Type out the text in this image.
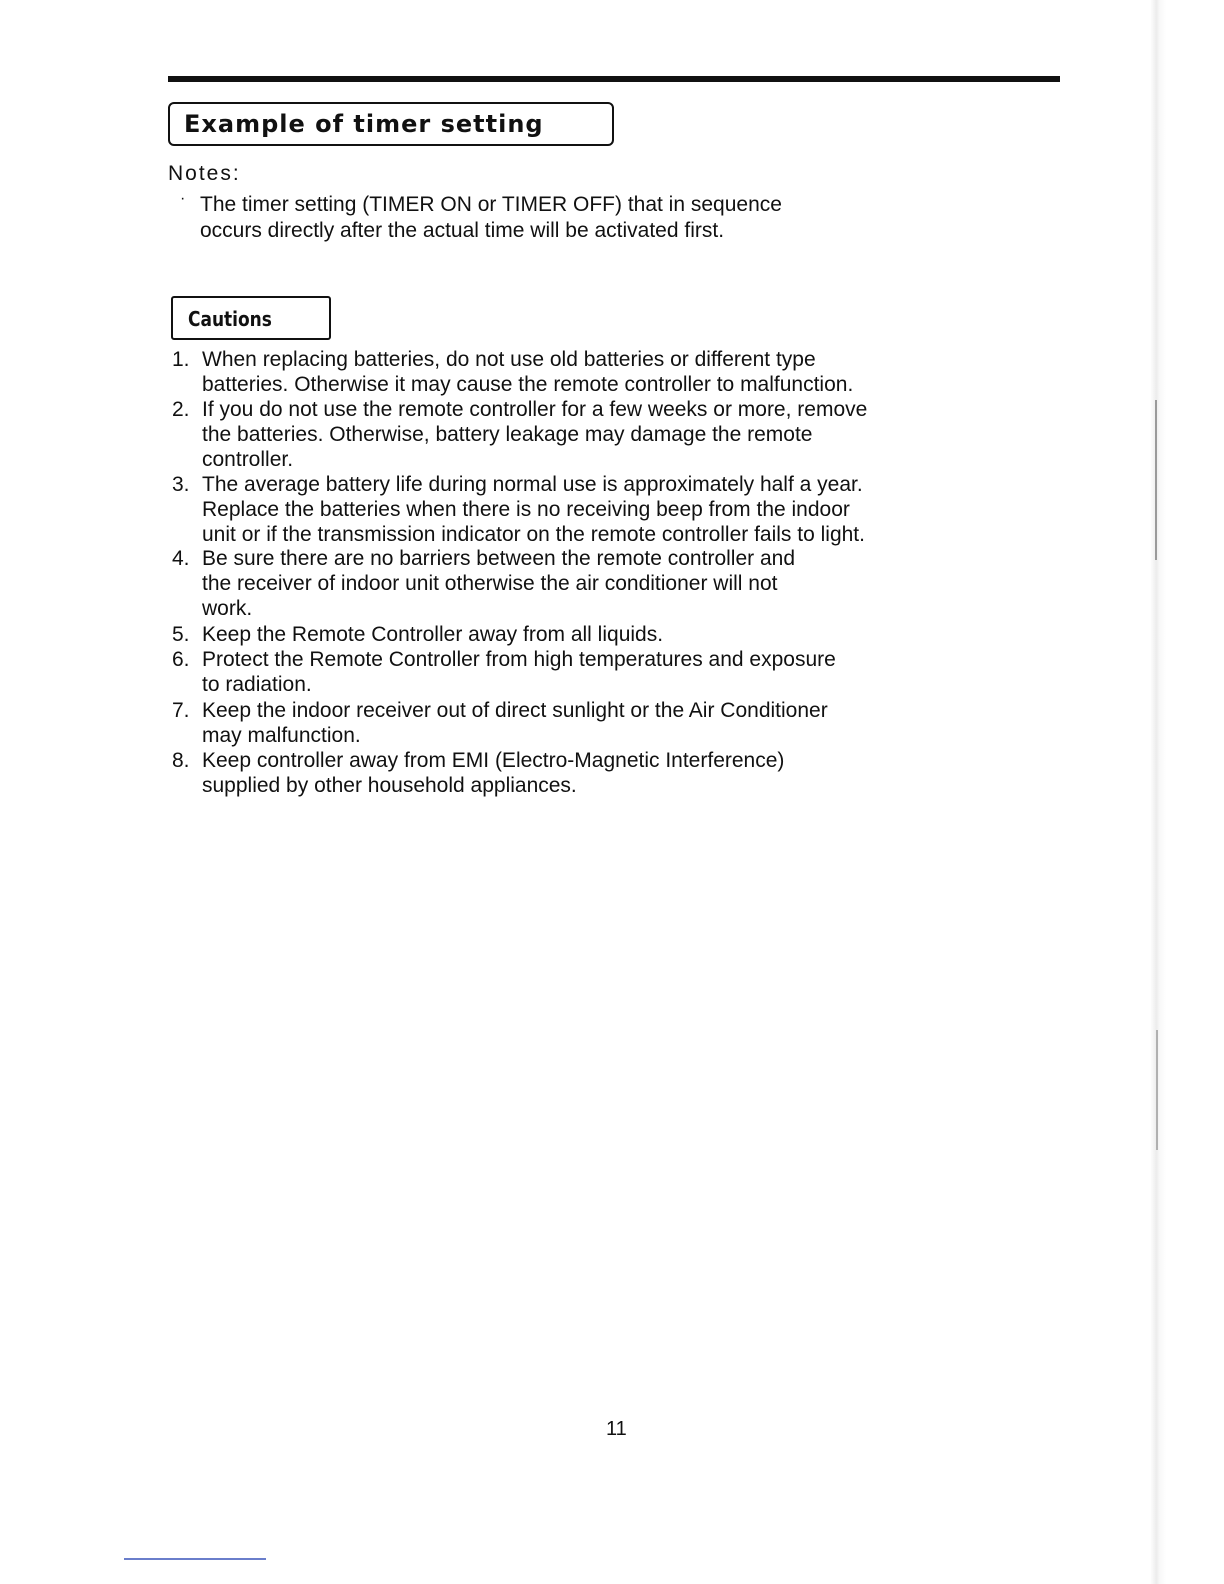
Example of timer setting
Notes:
· The timer setting (TIMER ON or TIMER OFF) that in sequence
occurs directly after the actual time will be activated first.
Cautions
1. When replacing batteries, do not use old batteries or different type
batteries. Otherwise it may cause the remote controller to malfunction.
2. If you do not use the remote controller for a few weeks or more, remove
the batteries. Otherwise, battery leakage may damage the remote
controller.
3. The average battery life during normal use is approximately half a year.
Replace the batteries when there is no receiving beep from the indoor
unit or if the transmission indicator on the remote controller fails to light.
4. Be sure there are no barriers between the remote controller and
the receiver of indoor unit otherwise the air conditioner will not
work.
5. Keep the Remote Controller away from all liquids.
6. Protect the Remote Controller from high temperatures and exposure
to radiation.
7. Keep the indoor receiver out of direct sunlight or the Air Conditioner
may malfunction.
8. Keep controller away from EMI (Electro-Magnetic Interference)
supplied by other household appliances.
11
